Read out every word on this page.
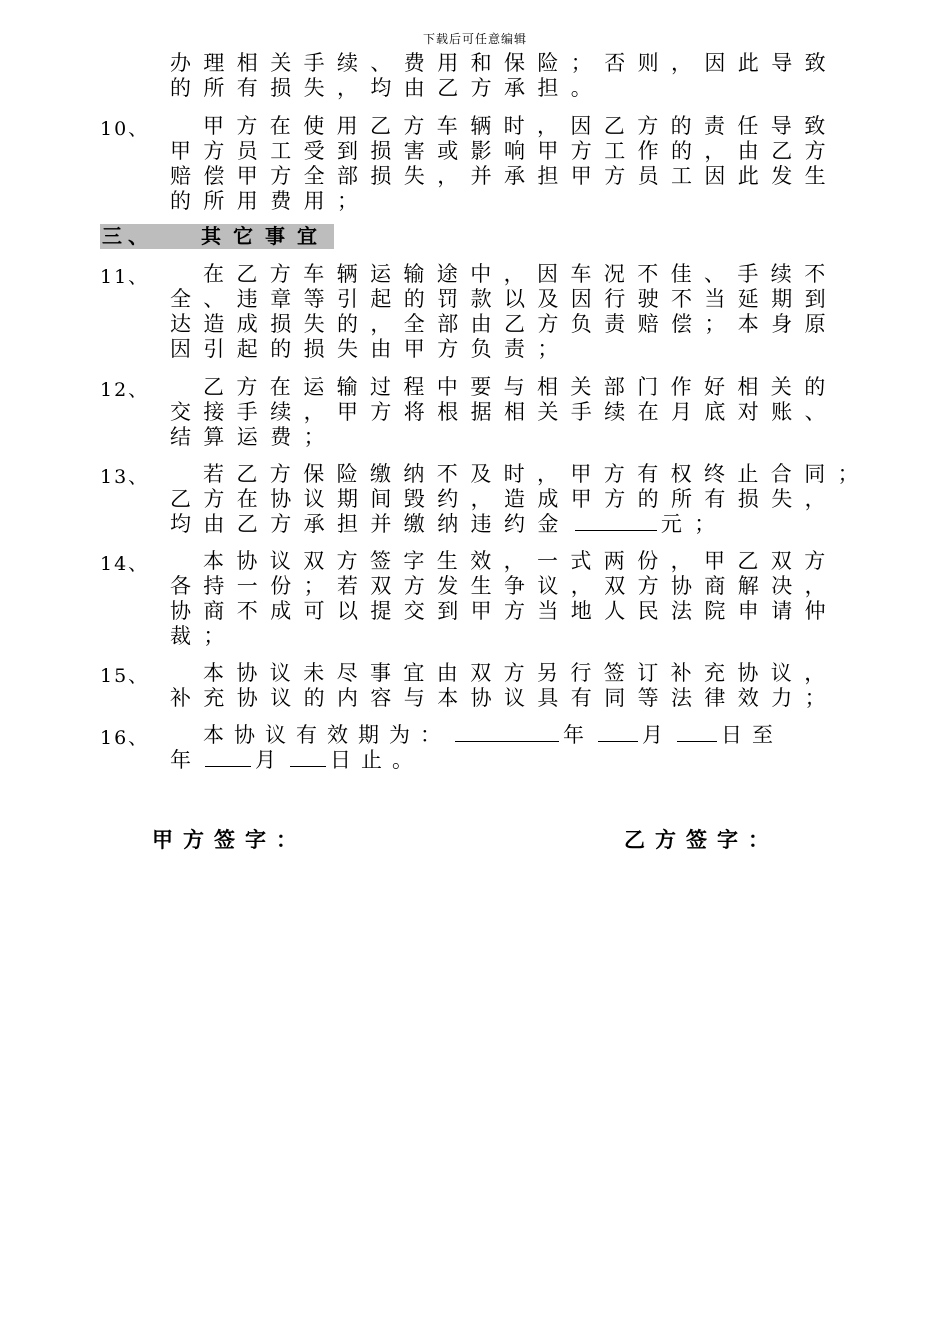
下载后可任意编辑
办理相关手续、费用和保险；否则，因此导致
的所有损失，均由乙方承担。
10、	甲方在使用乙方车辆时，因乙方的责任导致
甲方员工受到损害或影响甲方工作的，由乙方
赔偿甲方全部损失，并承担甲方员工因此发生
的所用费用；
三、 其它事宜
11、	在乙方车辆运输途中，因车况不佳、手续不
全、违章等引起的罚款以及因行驶不当延期到
达造成损失的，全部由乙方负责赔偿；本身原
因引起的损失由甲方负责；
12、	乙方在运输过程中要与相关部门作好相关的
交接手续，甲方将根据相关手续在月底对账、
结算运费；
13、	若乙方保险缴纳不及时，甲方有权终止合同；
乙方在协议期间毁约，造成甲方的所有损失，
均由乙方承担并缴纳违约金	元；
14、	本协议双方签字生效，一式两份，甲乙双方
各持一份；若双方发生争议，双方协商解决，
协商不成可以提交到甲方当地人民法院申请仲
裁；
15、	本协议未尽事宜由双方另行签订补充协议，
补充协议的内容与本协议具有同等法律效力；
16、	本协议有效期为：	年 月 日至
年	月 日止。
甲方签字：	乙方签字：
